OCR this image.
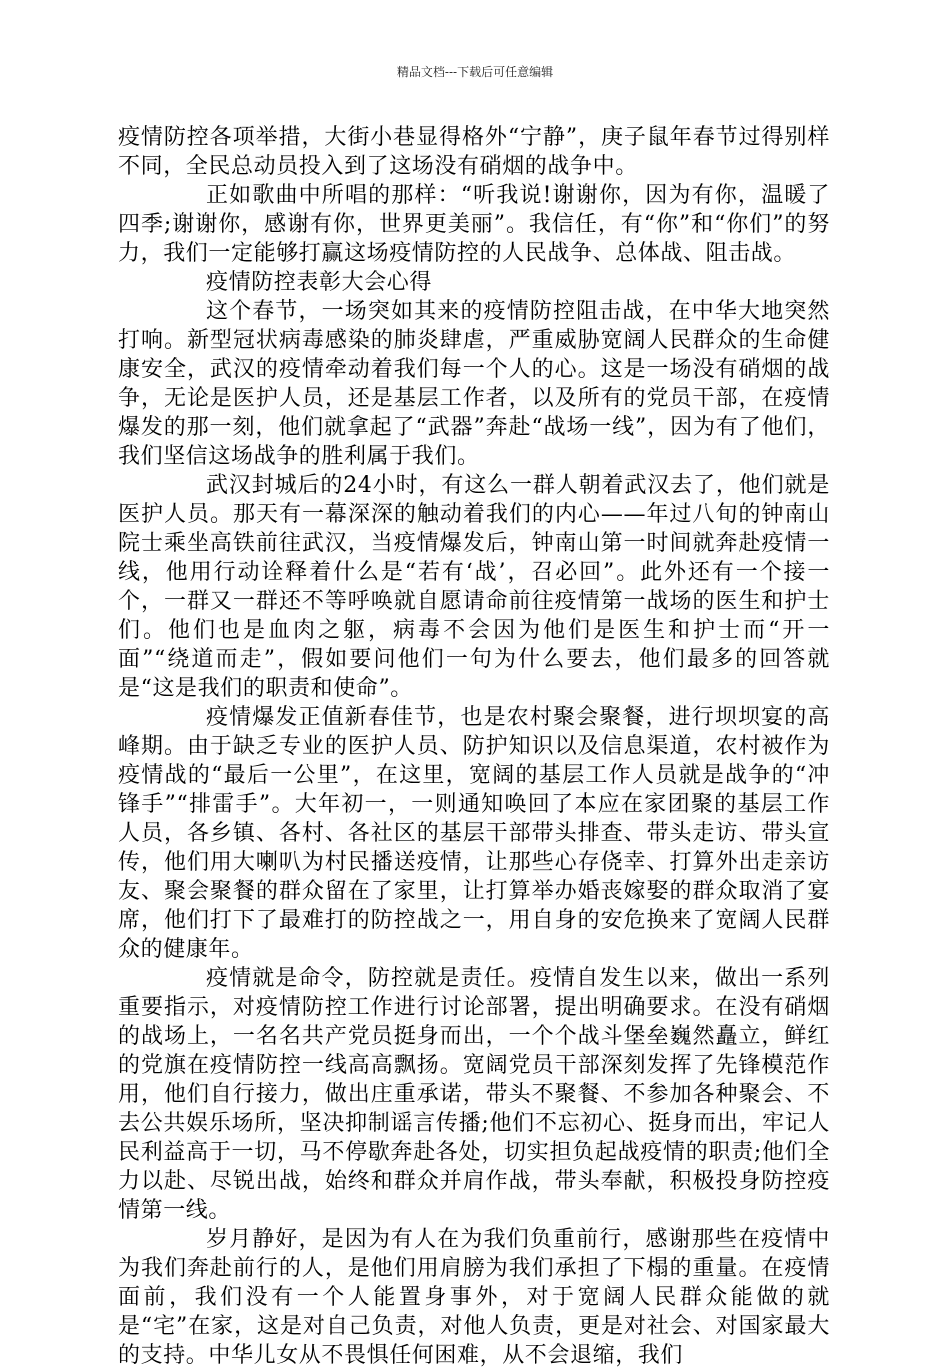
精品文档---下载后可任意编辑

疫情防控各项举措，大街小巷显得格外“宁静”，庚子鼠年春节过得别样不同，全民总动员投入到了这场没有硝烟的战争中。

正如歌曲中所唱的那样：“听我说!谢谢你，因为有你，温暖了四季;谢谢你，感谢有你，世界更美丽”。我信任，有“你”和“你们”的努力，我们一定能够打赢这场疫情防控的人民战争、总体战、阻击战。

疫情防控表彰大会心得

这个春节，一场突如其来的疫情防控阻击战，在中华大地突然打响。新型冠状病毒感染的肺炎肆虐，严重威胁宽阔人民群众的生命健康安全，武汉的疫情牵动着我们每一个人的心。这是一场没有硝烟的战争，无论是医护人员，还是基层工作者，以及所有的党员干部，在疫情爆发的那一刻，他们就拿起了“武器”奔赴“战场一线”，因为有了他们，我们坚信这场战争的胜利属于我们。

武汉封城后的24小时，有这么一群人朝着武汉去了，他们就是医护人员。那天有一幕深深的触动着我们的内心——年过八旬的钟南山院士乘坐高铁前往武汉，当疫情爆发后，钟南山第一时间就奔赴疫情一线，他用行动诠释着什么是“若有‘战’，召必回”。此外还有一个接一个，一群又一群还不等呼唤就自愿请命前往疫情第一战场的医生和护士们。他们也是血肉之躯，病毒不会因为他们是医生和护士而“开一面”“绕道而走”，假如要问他们一句为什么要去，他们最多的回答就是“这是我们的职责和使命”。

疫情爆发正值新春佳节，也是农村聚会聚餐，进行坝坝宴的高峰期。由于缺乏专业的医护人员、防护知识以及信息渠道，农村被作为疫情战的“最后一公里”，在这里，宽阔的基层工作人员就是战争的“冲锋手”“排雷手”。大年初一，一则通知唤回了本应在家团聚的基层工作人员，各乡镇、各村、各社区的基层干部带头排查、带头走访、带头宣传，他们用大喇叭为村民播送疫情，让那些心存侥幸、打算外出走亲访友、聚会聚餐的群众留在了家里，让打算举办婚丧嫁娶的群众取消了宴席，他们打下了最难打的防控战之一，用自身的安危换来了宽阔人民群众的健康年。

疫情就是命令，防控就是责任。疫情自发生以来，做出一系列重要指示，对疫情防控工作进行讨论部署，提出明确要求。在没有硝烟的战场上，一名名共产党员挺身而出，一个个战斗堡垒巍然矗立，鲜红的党旗在疫情防控一线高高飘扬。宽阔党员干部深刻发挥了先锋模范作用，他们自行接力，做出庄重承诺，带头不聚餐、不参加各种聚会、不去公共娱乐场所，坚决抑制谣言传播;他们不忘初心、挺身而出，牢记人民利益高于一切，马不停歇奔赴各处，切实担负起战疫情的职责;他们全力以赴、尽锐出战，始终和群众并肩作战，带头奉献，积极投身防控疫情第一线。

岁月静好，是因为有人在为我们负重前行，感谢那些在疫情中为我们奔赴前行的人，是他们用肩膀为我们承担了下榻的重量。在疫情面前，我们没有一个人能置身事外，对于宽阔人民群众能做的就是“宅”在家，这是对自己负责，对他人负责，更是对社会、对国家最大的支持。中华儿女从不畏惧任何困难，从不会退缩，我们
